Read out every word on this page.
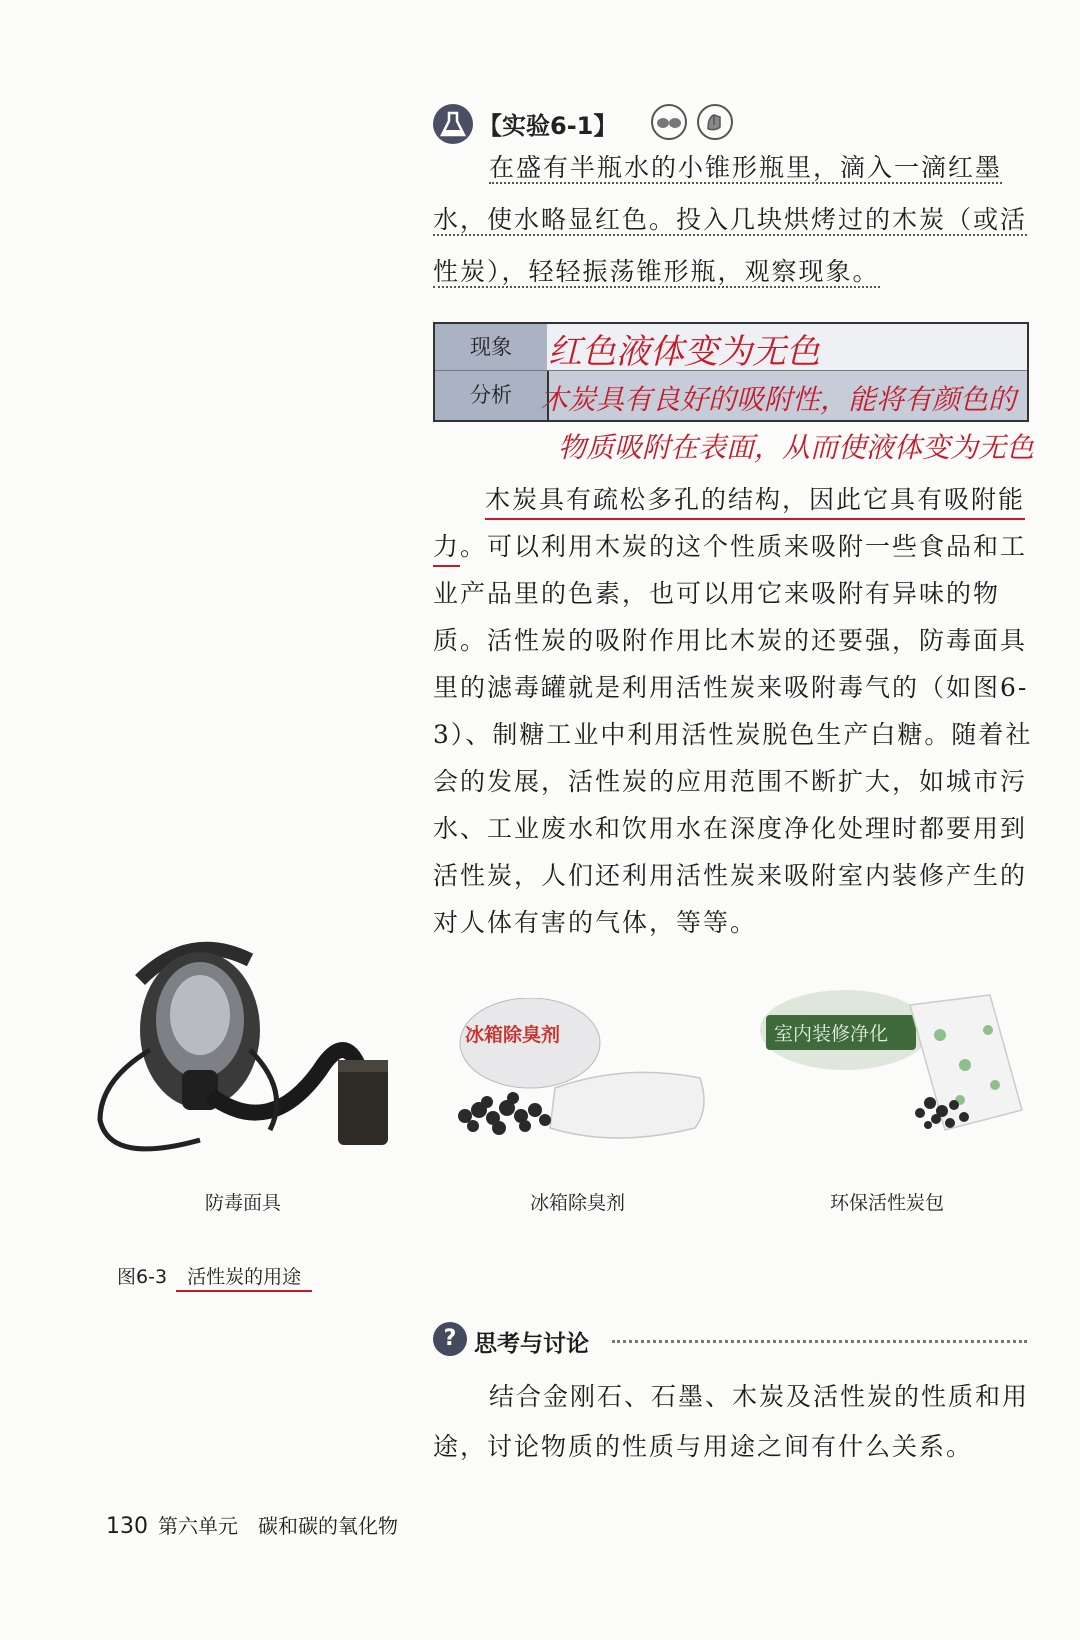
【实验6-1】

在盛有半瓶水的小锥形瓶里，滴入一滴红墨

水，使水略显红色。投入几块烘烤过的木炭（或活性炭），轻轻振荡锥形瓶，观察现象。

现象
分析
红色液体变为无色
木炭具有良好的吸附性，能将有颜色的
物质吸附在表面，从而使液体变为无色

木炭具有疏松多孔的结构，因此它具有吸附能

力。可以利用木炭的这个性质来吸附一些食品和工业产品里的色素，也可以用它来吸附有异味的物质。活性炭的吸附作用比木炭的还要强，防毒面具里的滤毒罐就是利用活性炭来吸附毒气的（如图6-3）、制糖工业中利用活性炭脱色生产白糖。随着社会的发展，活性炭的应用范围不断扩大，如城市污水、工业废水和饮用水在深度净化处理时都要用到活性炭，人们还利用活性炭来吸附室内装修产生的对人体有害的气体，等等。

防毒面具
冰箱除臭剂
冰箱除臭剂
室内装修净化
环保活性炭包
图6-3 活性炭的用途
? 思考与讨论

结合金刚石、石墨、木炭及活性炭的性质和用

途，讨论物质的性质与用途之间有什么关系。

130 第六单元　碳和碳的氧化物
